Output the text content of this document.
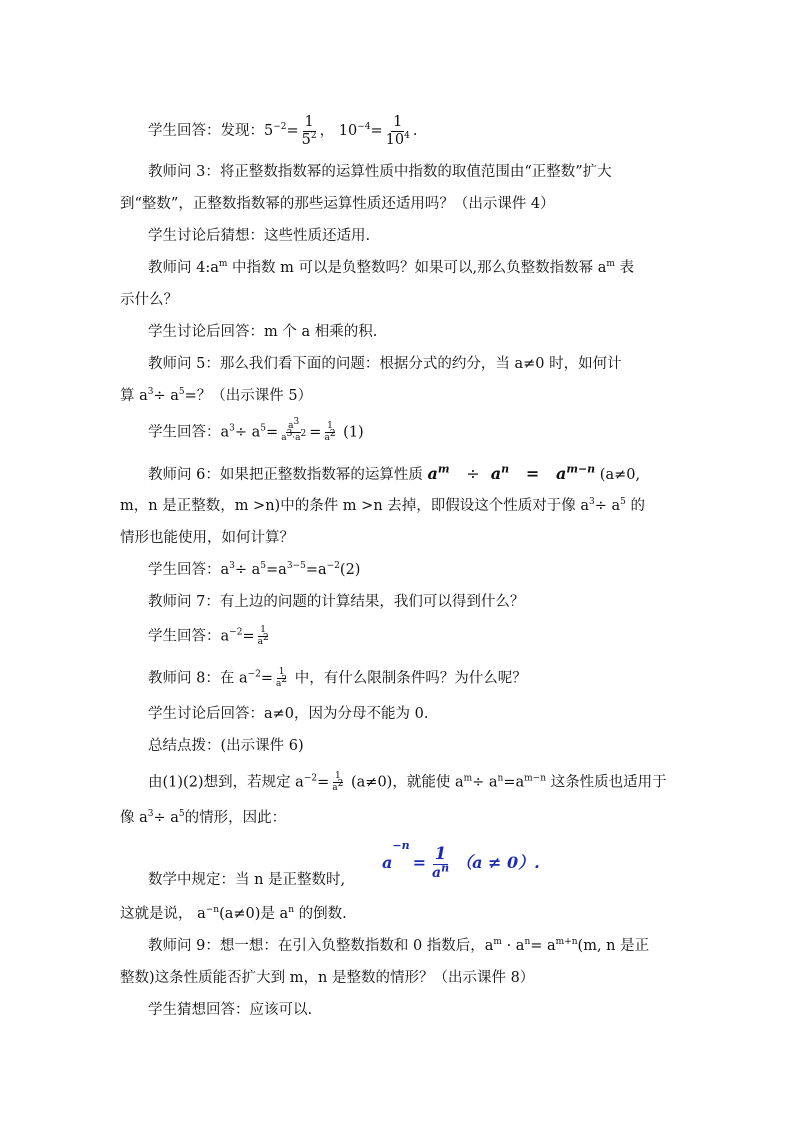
学生回答：发现：$5^{-2}= \frac{1}{5^2}$ ， $10^{-4}= \frac{1}{10^4}$ .
教师问 3：将正整数指数幂的运算性质中指数的取值范围由“正整数”扩大
到“整数”，正整数指数幂的那些运算性质还适用吗？（出示课件 4）
学生讨论后猜想：这些性质还适用.
教师问 $4:a^m$ 中指数 m 可以是负整数吗？如果可以,那么负整数指数幂 $a^m$ 表
示什么？
学生讨论后回答：m 个 a 相乘的积.
教师问 5：那么我们看下面的问题：根据分式的约分，当 a≠0 时，如何计
算 $a^3\div a^5=$？（出示课件 5）
学生回答：$a^3\div a^5= \frac{a^3}{a^3\cdot a^2} = \frac{1}{a^2} (1)$
教师问 6：如果把正整数指数幂的运算性质 $a^m \div a^n = a^{m-n}$ (a≠0,
m，n 是正整数，m >n)中的条件 m >n 去掉，即假设这个性质对于像 $a^3\div a^5$ 的
情形也能使用，如何计算？
学生回答：$a^3\div a^5=a^{3-5}=a^{-2}(2)$
教师问 7：有上边的问题的计算结果，我们可以得到什么？
学生回答：$a^{-2}= \frac{1}{a^2}$
教师问 8：在 $a^{-2}= \frac{1}{a^2}$ 中，有什么限制条件吗？为什么呢？
学生讨论后回答：a≠0，因为分母不能为 0.
总结点拨：(出示课件 6)
由(1)(2)想到，若规定 $a^{-2}= \frac{1}{a^2} (a\ne 0)$，就能使 $a^m\div a^n=a^{m-n}$ 这条性质也适用于
像 $a^3\div a^5$的情形，因此：
数学中规定：当 n 是正整数时,
a
−n
= $\frac{1}{a^n} (a \ne 0)$.
这就是说， $a^{-n}(a\ne 0)$是 $a^n$ 的倒数.
教师问 9：想一想：在引入负整数指数和 0 指数后，$a^m \cdot a^n= a^{m+n}(m$, n 是正
整数)这条性质能否扩大到 m，n 是整数的情形？（出示课件 8）
学生猜想回答：应该可以.
